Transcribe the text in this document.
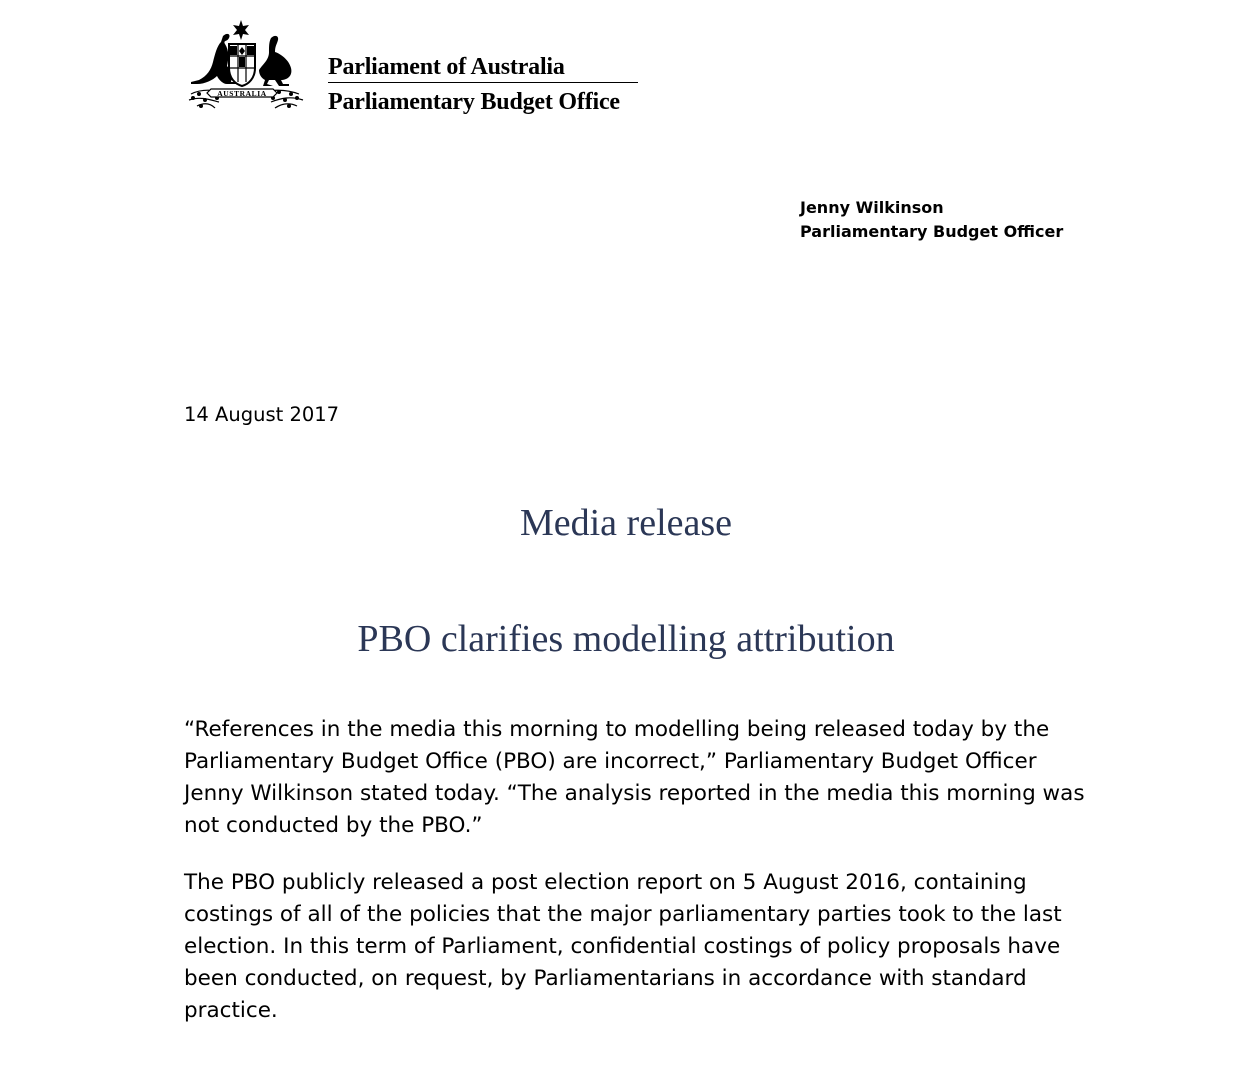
AUSTRALIA
Parliament of Australia
Parliamentary Budget Office
Jenny Wilkinson
Parliamentary Budget Officer
14 August 2017
Media release
PBO clarifies modelling attribution
“References in the media this morning to modelling being released today by the
Parliamentary Budget Office (PBO) are incorrect,” Parliamentary Budget Officer
Jenny Wilkinson stated today. “The analysis reported in the media this morning was
not conducted by the PBO.”
The PBO publicly released a post election report on 5 August 2016, containing
costings of all of the policies that the major parliamentary parties took to the last
election. In this term of Parliament, confidential costings of policy proposals have
been conducted, on request, by Parliamentarians in accordance with standard
practice.
